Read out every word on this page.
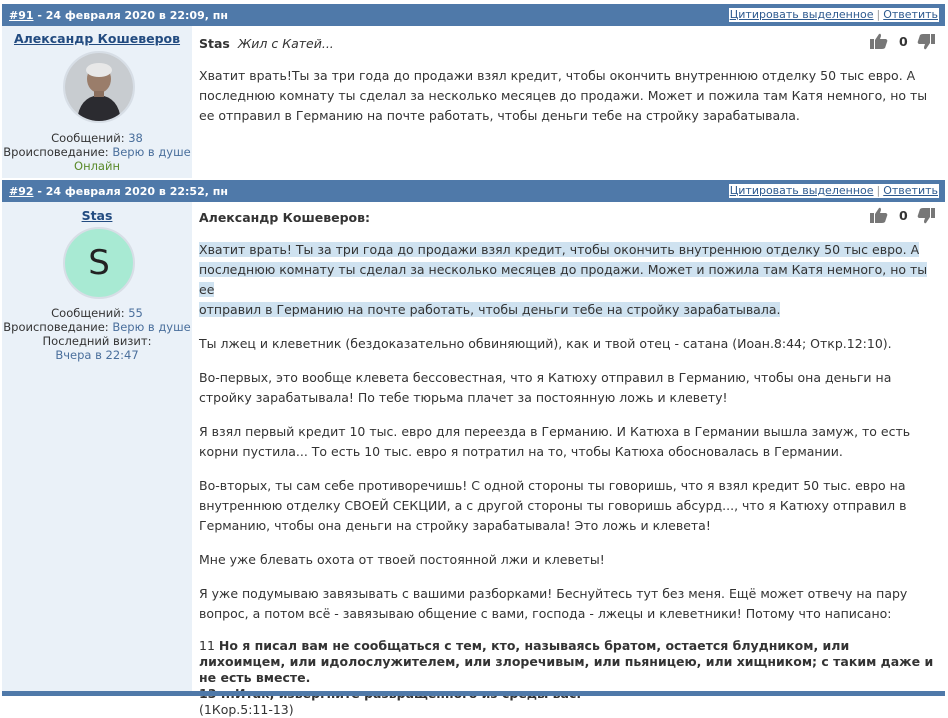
#91 - 24 февраля 2020 в 22:09, пн	Цитировать выделенное | Ответить
Александр Кошеверов
Сообщений: 38
Вроисповедание: Верю в душе
Онлайн
Stas Жил с Катей...

Хватит врать!Ты за три года до продажи взял кредит, чтобы окончить внутреннюю отделку 50 тыс евро. А последнюю комнату ты сделал за несколько месяцев до продажи. Может и пожила там Катя немного, но ты ее отправил в Германию на почте работать, чтобы деньги тебе на стройку зарабатывала.

0
#92 - 24 февраля 2020 в 22:52, пн	Цитировать выделенное | Ответить
Stas
S
Сообщений: 55
Вроисповедание: Верю в душе
Последний визит:
Вчера в 22:47
0
Александр Кошеверов:
Хватит врать! Ты за три года до продажи взял кредит, чтобы окончить внутреннюю отделку 50 тыс евро. А
последнюю комнату ты сделал за несколько месяцев до продажи. Может и пожила там Катя немного, но ты ее
отправил в Германию на почте работать, чтобы деньги тебе на стройку зарабатывала.

Ты лжец и клеветник (бездоказательно обвиняющий), как и твой отец - сатана (Иоан.8:44; Откр.12:10).

Во-первых, это вообще клевета бессовестная, что я Катюху отправил в Германию, чтобы она деньги на стройку зарабатывала! По тебе тюрьма плачет за постоянную ложь и клевету!

Я взял первый кредит 10 тыс. евро для переезда в Германию. И Катюха в Германии вышла замуж, то есть корни пустила... То есть 10 тыс. евро я потратил на то, чтобы Катюха обосновалась в Германии.

Во-вторых, ты сам себе противоречишь! С одной стороны ты говоришь, что я взял кредит 50 тыс. евро на внутреннюю отделку СВОЕЙ СЕКЦИИ, а с другой стороны ты говоришь абсурд..., что я Катюху отправил в Германию, чтобы она деньги на стройку зарабатывала! Это ложь и клевета!

Мне уже блевать охота от твоей постоянной лжи и клеветы!

Я уже подумываю завязывать с вашими разборками! Беснуйтесь тут без меня. Ещё может отвечу на пару вопрос, а потом всё - завязываю общение с вами, господа - лжецы и клеветники! Потому что написано:

11 Но я писал вам не сообщаться с тем, кто, называясь братом, остается блудником, или лихоимцем, или идолослужителем, или злоречивым, или пьяницею, или хищником; с таким даже и не есть вместе.
(1Кор.5:11-13)
